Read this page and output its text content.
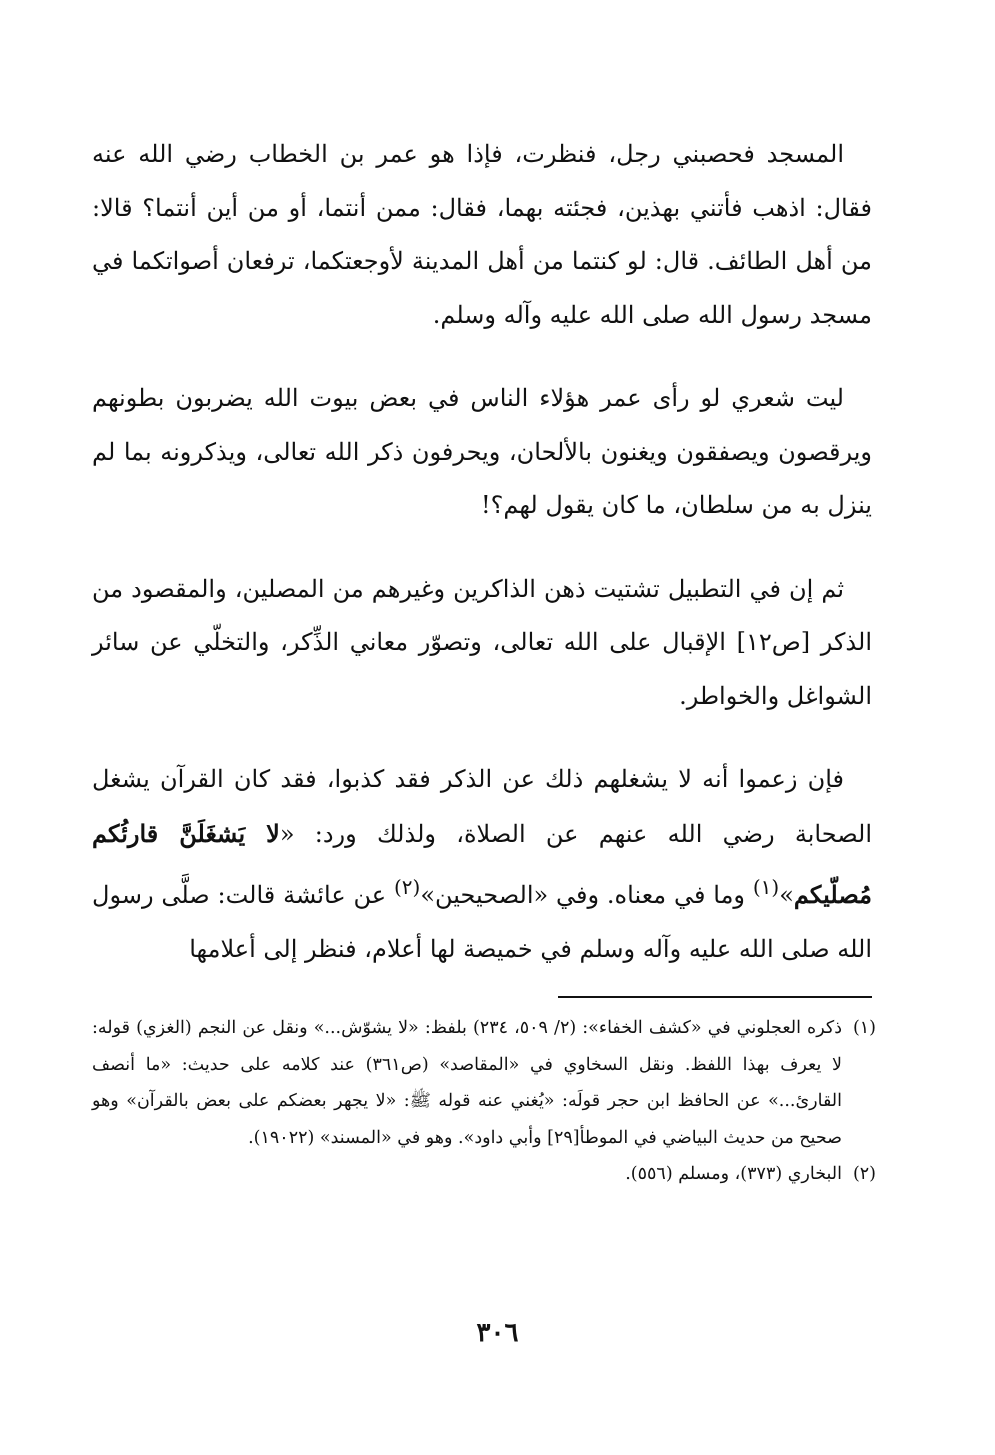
المسجد فحصبني رجل، فنظرت، فإذا هو عمر بن الخطاب رضي الله عنه فقال: اذهب فأتني بهذين، فجئته بهما، فقال: ممن أنتما، أو من أين أنتما؟ قالا: من أهل الطائف. قال: لو كنتما من أهل المدينة لأوجعتكما، ترفعان أصواتكما في مسجد رسول الله صلى الله عليه وآله وسلم.

ليت شعري لو رأى عمر هؤلاء الناس في بعض بيوت الله يضربون بطونهم ويرقصون ويصفقون ويغنون بالألحان، ويحرفون ذكر الله تعالى، ويذكرونه بما لم ينزل به من سلطان، ما كان يقول لهم؟!

ثم إن في التطبيل تشتيت ذهن الذاكرين وغيرهم من المصلين، والمقصود من الذكر [ص١٢] الإقبال على الله تعالى، وتصوّر معاني الذِّكر، والتخلّي عن سائر الشواغل والخواطر.

فإن زعموا أنه لا يشغلهم ذلك عن الذكر فقد كذبوا، فقد كان القرآن يشغل الصحابة رضي الله عنهم عن الصلاة، ولذلك ورد: «لا يَشغَلَنَّ قارئُكم مُصلّيكم»$^{(١)}$ وما في معناه. وفي «الصحيحين»$^{(٢)}$ عن عائشة قالت: صلَّى رسول الله صلى الله عليه وآله وسلم في خميصة لها أعلام، فنظر إلى أعلامها

(١)
ذكره العجلوني في «كشف الخفاء»: (٢/ ٥٠٩، ٢٣٤) بلفظ: «لا يشوّش...» ونقل عن النجم (الغزي) قوله: لا يعرف بهذا اللفظ. ونقل السخاوي في «المقاصد» (ص٣٦١) عند كلامه على حديث: «ما أنصف القارئ...» عن الحافظ ابن حجر قولَه: «يُغني عنه قوله ﷺ: «لا يجهر بعضكم على بعض بالقرآن» وهو صحيح من حديث البياضي في الموطأ[٢٩] وأبي داود». وهو في «المسند» (١٩٠٢٢).
(٢)
البخاري (٣٧٣)، ومسلم (٥٥٦).
٣٠٦
